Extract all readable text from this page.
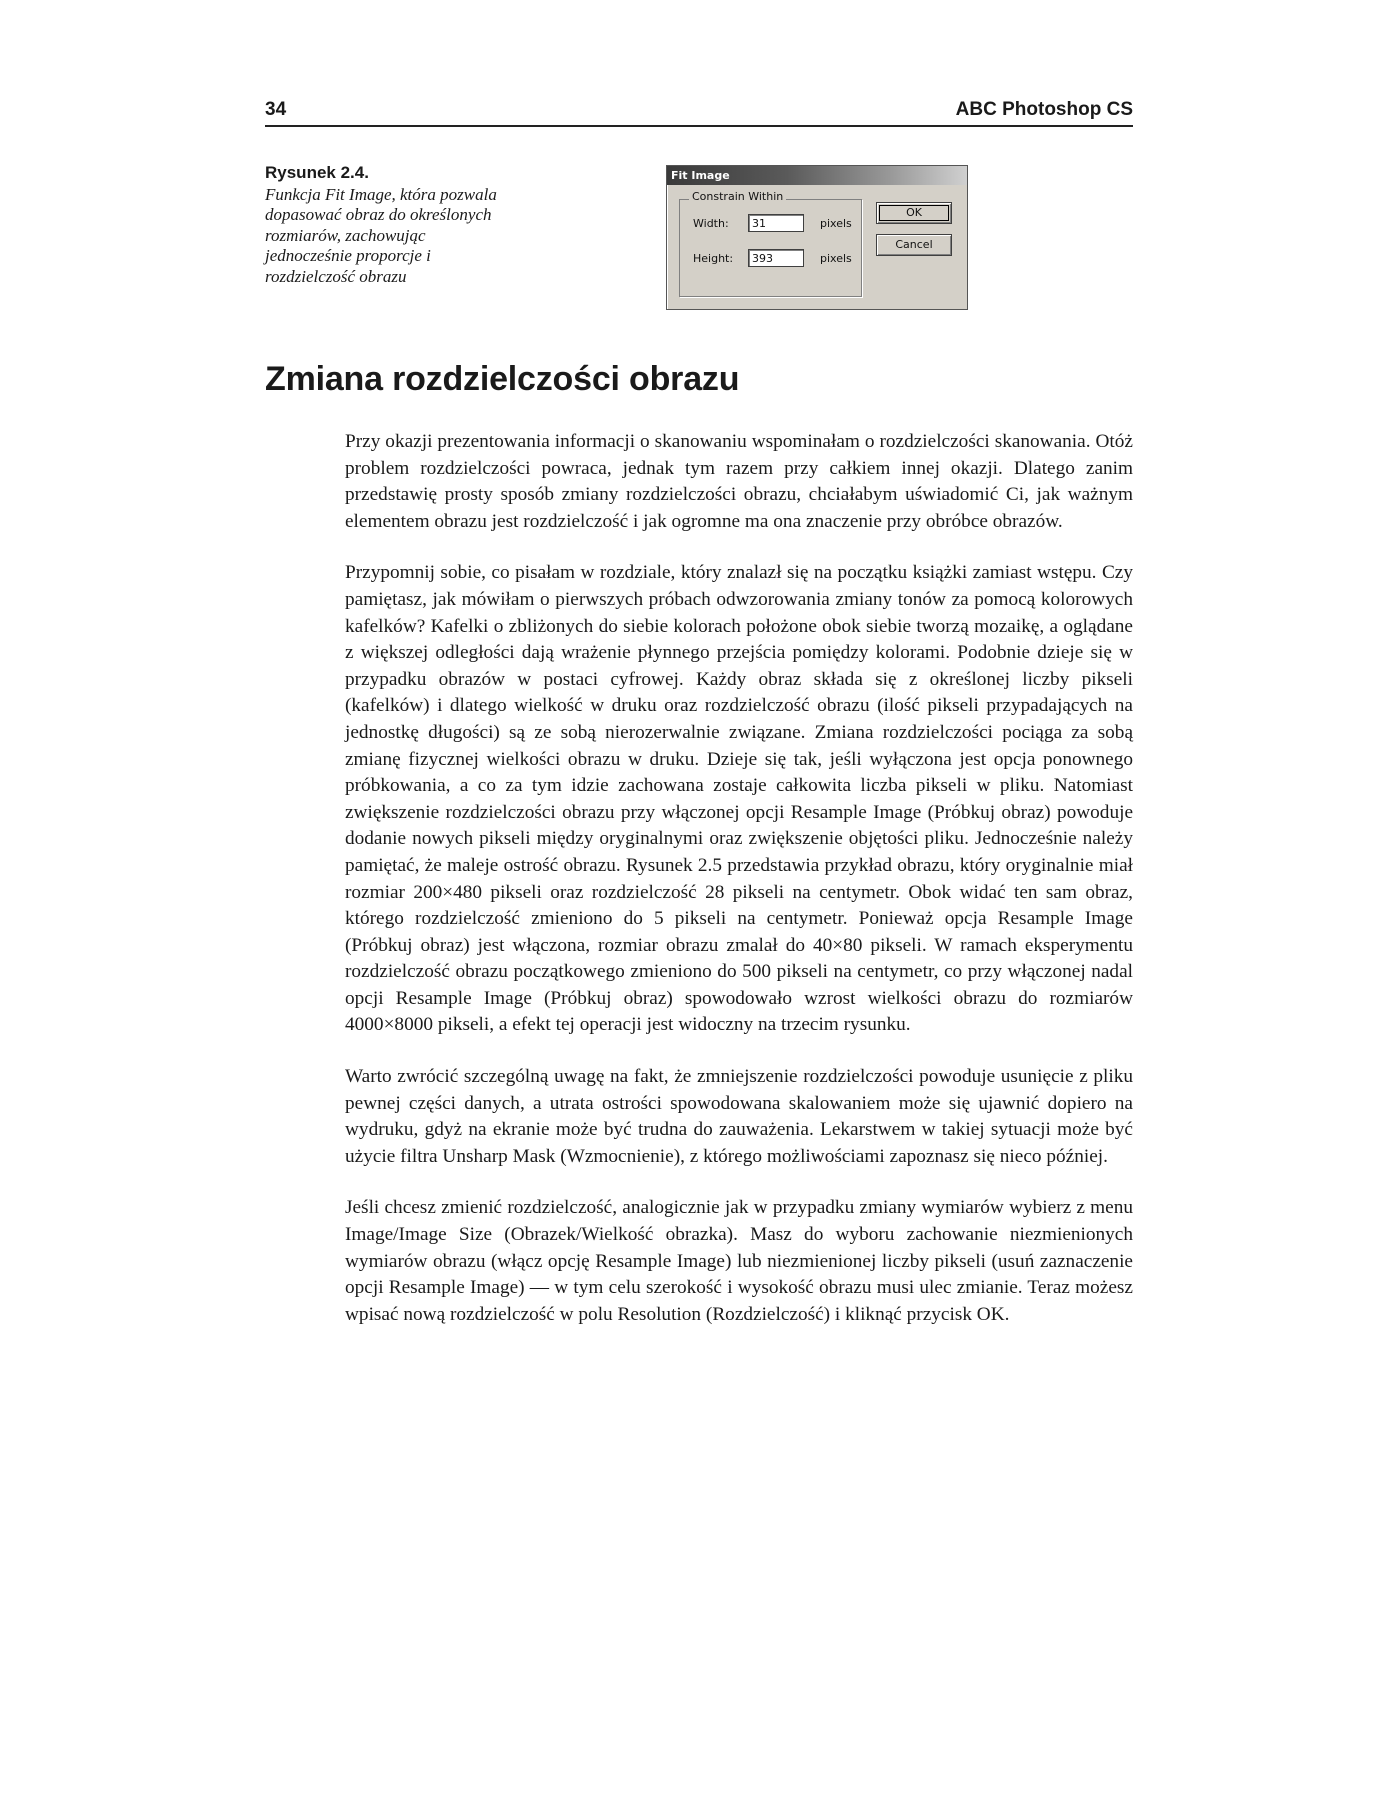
34	ABC Photoshop CS
Rysunek 2.4.
Funkcja Fit Image, która pozwala dopasować obraz do określonych rozmiarów, zachowując jednocześnie proporcje i rozdzielczość obrazu
Fit Image
Constrain Within
Width:	31	pixels
Height:	393	pixels
OK
Cancel
Zmiana rozdzielczości obrazu

Przy okazji prezentowania informacji o skanowaniu wspominałam o rozdzielczości skanowania. Otóż problem rozdzielczości powraca, jednak tym razem przy całkiem innej okazji. Dlatego zanim przedstawię prosty sposób zmiany rozdzielczości obrazu, chciałabym uświadomić Ci, jak ważnym elementem obrazu jest rozdzielczość i jak ogromne ma ona znaczenie przy obróbce obrazów.

Przypomnij sobie, co pisałam w rozdziale, który znalazł się na początku książki zamiast wstępu. Czy pamiętasz, jak mówiłam o pierwszych próbach odwzorowania zmiany tonów za pomocą kolorowych kafelków? Kafelki o zbliżonych do siebie kolorach położone obok siebie tworzą mozaikę, a oglądane z większej odległości dają wrażenie płynnego przejścia pomiędzy kolorami. Podobnie dzieje się w przypadku obrazów w postaci cyfrowej. Każdy obraz składa się z określonej liczby pikseli (kafelków) i dlatego wielkość w druku oraz rozdzielczość obrazu (ilość pikseli przypadających na jednostkę długości) są ze sobą nierozerwalnie związane. Zmiana rozdzielczości pociąga za sobą zmianę fizycznej wielkości obrazu w druku. Dzieje się tak, jeśli wyłączona jest opcja ponownego próbkowania, a co za tym idzie zachowana zostaje całkowita liczba pikseli w pliku. Natomiast zwiększenie rozdzielczości obrazu przy włączonej opcji Resample Image (Próbkuj obraz) powoduje dodanie nowych pikseli między oryginalnymi oraz zwiększenie objętości pliku. Jednocześnie należy pamiętać, że maleje ostrość obrazu. Rysunek 2.5 przedstawia przykład obrazu, który oryginalnie miał rozmiar 200×480 pikseli oraz rozdzielczość 28 pikseli na centymetr. Obok widać ten sam obraz, którego rozdzielczość zmieniono do 5 pikseli na centymetr. Ponieważ opcja Resample Image (Próbkuj obraz) jest włączona, rozmiar obrazu zmalał do 40×80 pikseli. W ramach eksperymentu rozdzielczość obrazu początkowego zmieniono do 500 pikseli na centymetr, co przy włączonej nadal opcji Resample Image (Próbkuj obraz) spowodowało wzrost wielkości obrazu do rozmiarów 4000×8000 pikseli, a efekt tej operacji jest widoczny na trzecim rysunku.

Warto zwrócić szczególną uwagę na fakt, że zmniejszenie rozdzielczości powoduje usunięcie z pliku pewnej części danych, a utrata ostrości spowodowana skalowaniem może się ujawnić dopiero na wydruku, gdyż na ekranie może być trudna do zauważenia. Lekarstwem w takiej sytuacji może być użycie filtra Unsharp Mask (Wzmocnienie), z którego możliwościami zapoznasz się nieco później.

Jeśli chcesz zmienić rozdzielczość, analogicznie jak w przypadku zmiany wymiarów wybierz z menu Image/Image Size (Obrazek/Wielkość obrazka). Masz do wyboru zachowanie niezmienionych wymiarów obrazu (włącz opcję Resample Image) lub niezmienionej liczby pikseli (usuń zaznaczenie opcji Resample Image) — w tym celu szerokość i wysokość obrazu musi ulec zmianie. Teraz możesz wpisać nową rozdzielczość w polu Resolution (Rozdzielczość) i kliknąć przycisk OK.
